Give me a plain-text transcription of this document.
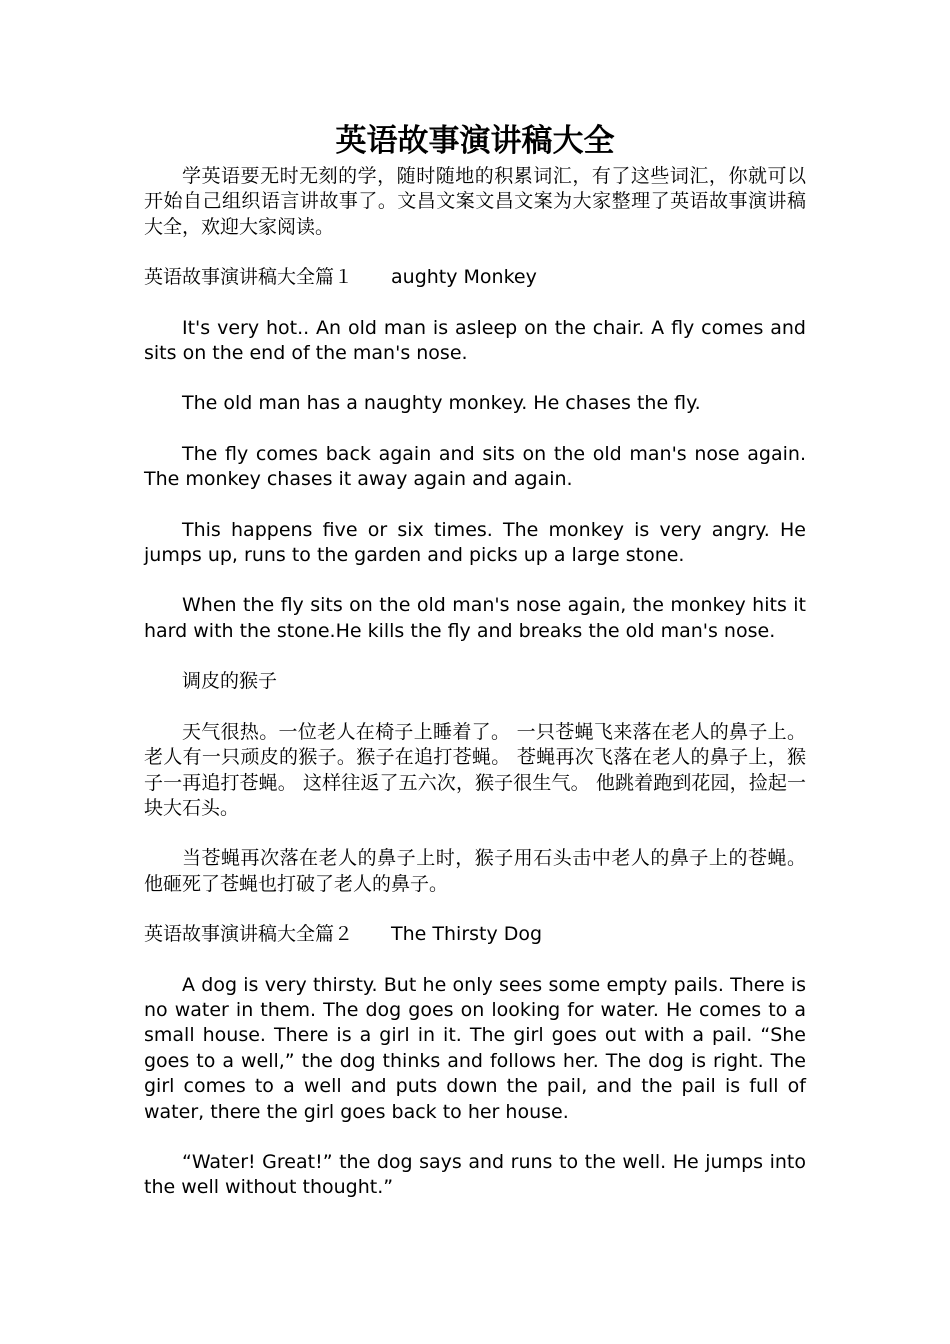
英语故事演讲稿大全

学英语要无时无刻的学，随时随地的积累词汇，有了这些词汇，你就可以开始自己组织语言讲故事了。文昌文案文昌文案为大家整理了英语故事演讲稿大全，欢迎大家阅读。

英语故事演讲稿大全篇１ aughty Monkey

It's very hot.. An old man is asleep on the chair. A fly comes and sits on the end of the man's nose.

The old man has a naughty monkey. He chases the fly.

The fly comes back again and sits on the old man's nose again. The monkey chases it away again and again.

This happens five or six times. The monkey is very angry. He jumps up, runs to the garden and picks up a large stone.

When the fly sits on the old man's nose again, the monkey hits it hard with the stone.He kills the fly and breaks the old man's nose.

调皮的猴子

天气很热。一位老人在椅子上睡着了。 一只苍蝇飞来落在老人的鼻子上。 老人有一只顽皮的猴子。猴子在追打苍蝇。 苍蝇再次飞落在老人的鼻子上，猴子一再追打苍蝇。 这样往返了五六次，猴子很生气。 他跳着跑到花园，捡起一块大石头。

当苍蝇再次落在老人的鼻子上时，猴子用石头击中老人的鼻子上的苍蝇。 他砸死了苍蝇也打破了老人的鼻子。

英语故事演讲稿大全篇２ The Thirsty Dog

A dog is very thirsty. But he only sees some empty pails. There is no water in them. The dog goes on looking for water. He comes to a small house. There is a girl in it. The girl goes out with a pail. “She goes to a well,” the dog thinks and follows her. The dog is right. The girl comes to a well and puts down the pail, and the pail is full of water, there the girl goes back to her house.

“Water! Great!” the dog says and runs to the well. He jumps into the well without thought.”
